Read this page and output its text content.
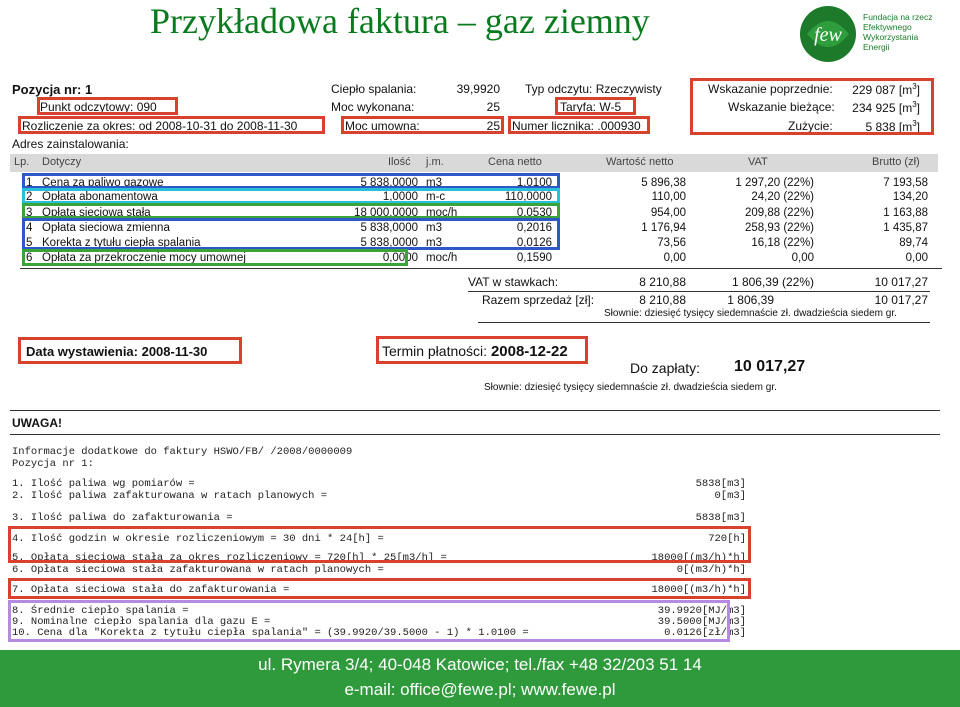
Przykładowa faktura – gaz ziemny	few
Fundacja na rzecz
Efektywnego
Wykorzystania
Energii
Pozycja nr: 1
Punkt odczytowy: 090
Rozliczenie za okres: od 2008-10-31 do 2008-11-30
Adres zainstalowania:
Ciepło spalania:	39,9920
Moc wykonana:	25
Moc umowna:	25
Typ odczytu: Rzeczywisty
Taryfa: W-5
Numer licznika: .000930
Wskazanie poprzednie:	229 087 $[m^3]$
Wskazanie bieżące:	234 925 $[m^3]$
Zużycie:	5 838 $[m^3]$
Lp. Dotyczy	Ilość j.m.	Cena netto	Wartość netto	VAT	Brutto (zł)
1 Cena za paliwo gazowe	5 838,0000 m3	1,0100	5 896,38	1 297,20 (22%)	7 193,58
2 Opłata abonamentowa	1,0000 m-c	110,0000	110,00	24,20 (22%)	134,20
3 Opłata sieciowa stała	18 000,0000 moc/h	0,0530	954,00	209,88 (22%)	1 163,88
4 Opłata sieciowa zmienna	5 838,0000 m3	0,2016	1 176,94	258,93 (22%)	1 435,87
5 Korekta z tytułu ciepła spalania	5 838,0000 m3	0,0126	73,56	16,18 (22%)	89,74
6 Opłata za przekroczenie mocy umownej	0,0000 moc/h	0,1590	0,00	0,00	0,00
VAT w stawkach:	8 210,88	1 806,39 (22%)	10 017,27
Razem sprzedaż [zł]:	8 210,88	1 806,39	10 017,27
Słownie: dziesięć tysięcy siedemnaście zł. dwadzieścia siedem gr.
Data wystawienia: 2008-11-30	Termin płatności: 2008-12-22
Do zapłaty: 10 017,27
Słownie: dziesięć tysięcy siedemnaście zł. dwadzieścia siedem gr.
UWAGA!
Informacje dodatkowe do faktury HSWO/FB/ /2008/0000009
Pozycja nr 1:
1. Ilość paliwa wg pomiarów =	5838[m3]
2. Ilość paliwa zafakturowana w ratach planowych =	0[m3]
3. Ilość paliwa do zafakturowania =	5838[m3]
4. Ilość godzin w okresie rozliczeniowym = 30 dni * 24[h] =	720[h]
5. Opłata sieciowa stała za okres rozliczeniowy = 720[h] * 25[m3/h] =	18000[(m3/h)*h]
6. Opłata sieciowa stała zafakturowana w ratach planowych =	0[(m3/h)*h]
7. Opłata sieciowa stała do zafakturowania =	18000[(m3/h)*h]
8. Średnie ciepło spalania =	39.9920[MJ/m3]
9. Nominalne ciepło spalania dla gazu E =	39.5000[MJ/m3]
10. Cena dla "Korekta z tytułu ciepła spalania" = (39.9920/39.5000 - 1) * 1.0100 =	0.0126[zł/m3]
ul. Rymera 3/4; 40-048 Katowice; tel./fax +48 32/203 51 14
e-mail: office@fewe.pl; www.fewe.pl
